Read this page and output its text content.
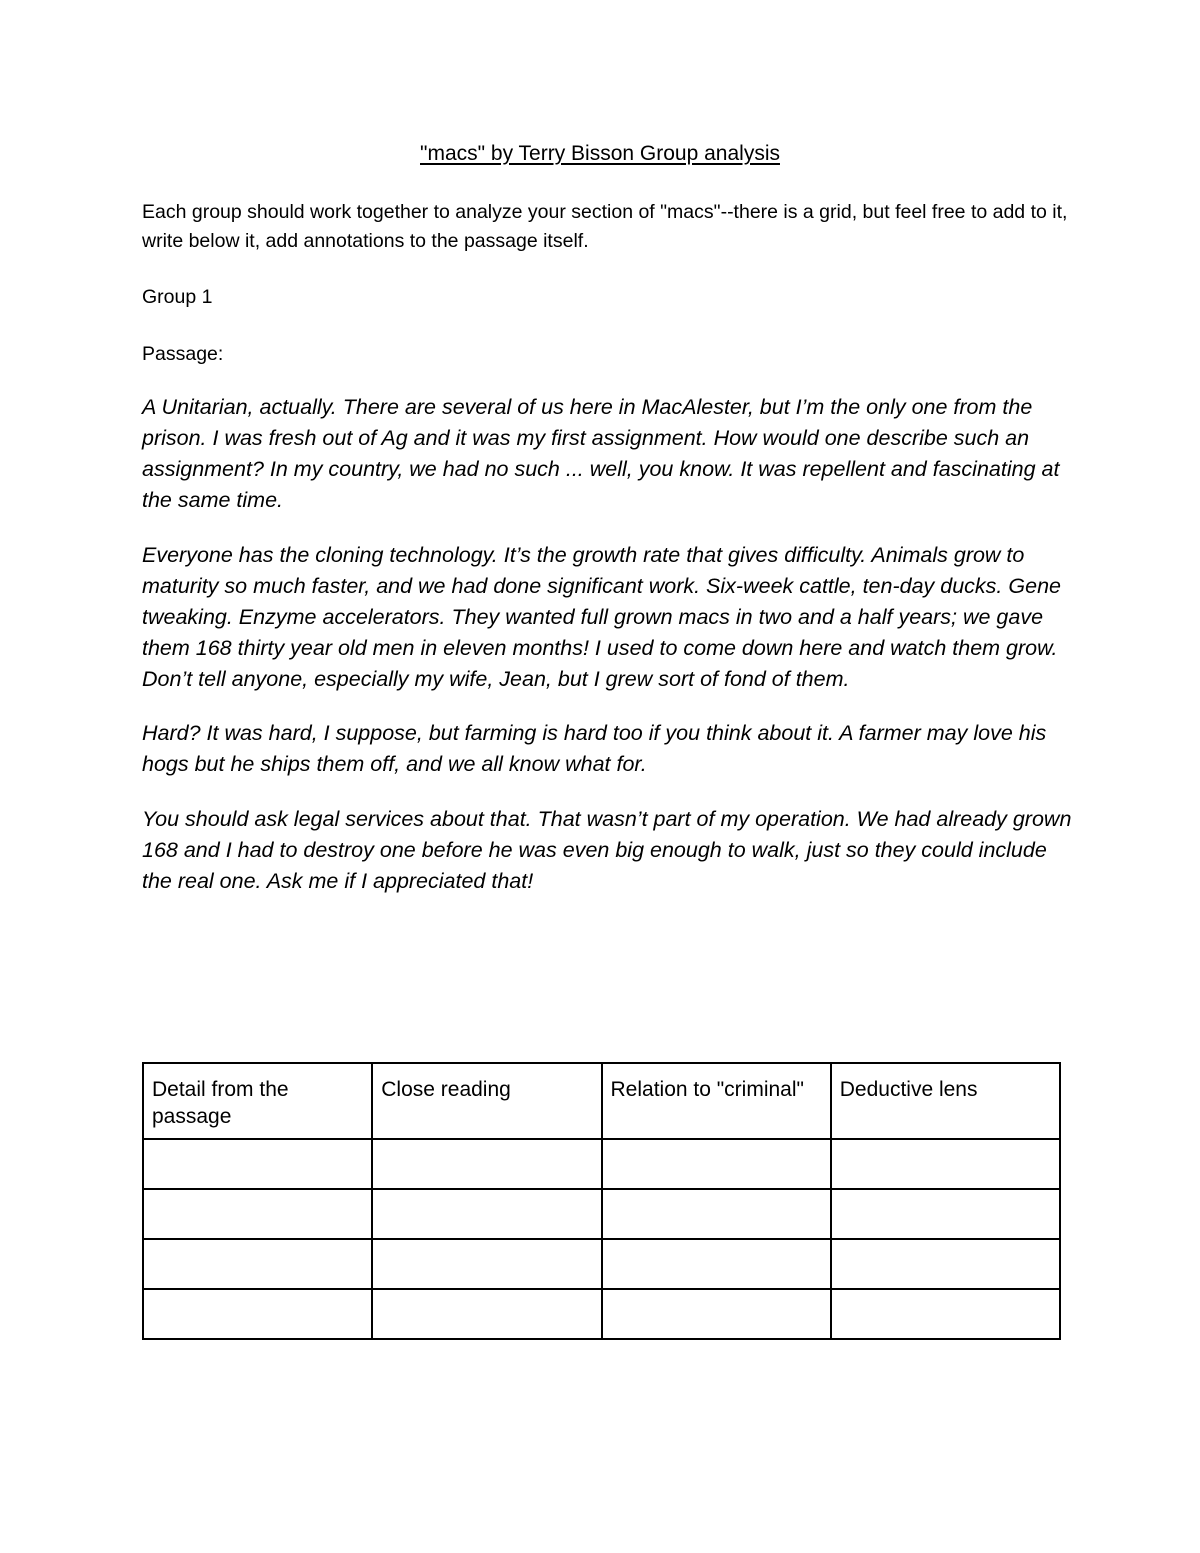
"macs" by Terry Bisson Group analysis
Each group should work together to analyze your section of "macs"--there is a grid, but feel free to add to it, write below it, add annotations to the passage itself.
Group 1
Passage:

A Unitarian, actually. There are several of us here in MacAlester, but I’m the only one from the prison. I was fresh out of Ag and it was my first assignment. How would one describe such an assignment? In my country, we had no such ... well, you know. It was repellent and fascinating at the same time.

Everyone has the cloning technology. It’s the growth rate that gives difficulty. Animals grow to maturity so much faster, and we had done significant work. Six-week cattle, ten-day ducks. Gene tweaking. Enzyme accelerators. They wanted full grown macs in two and a half years; we gave them 168 thirty year old men in eleven months! I used to come down here and watch them grow. Don’t tell anyone, especially my wife, Jean, but I grew sort of fond of them.

Hard? It was hard, I suppose, but farming is hard too if you think about it. A farmer may love his hogs but he ships them off, and we all know what for.

You should ask legal services about that. That wasn’t part of my operation. We had already grown 168 and I had to destroy one before he was even big enough to walk, just so they could include the real one. Ask me if I appreciated that!

Detail from the passage	Close reading	Relation to "criminal"	Deductive lens
